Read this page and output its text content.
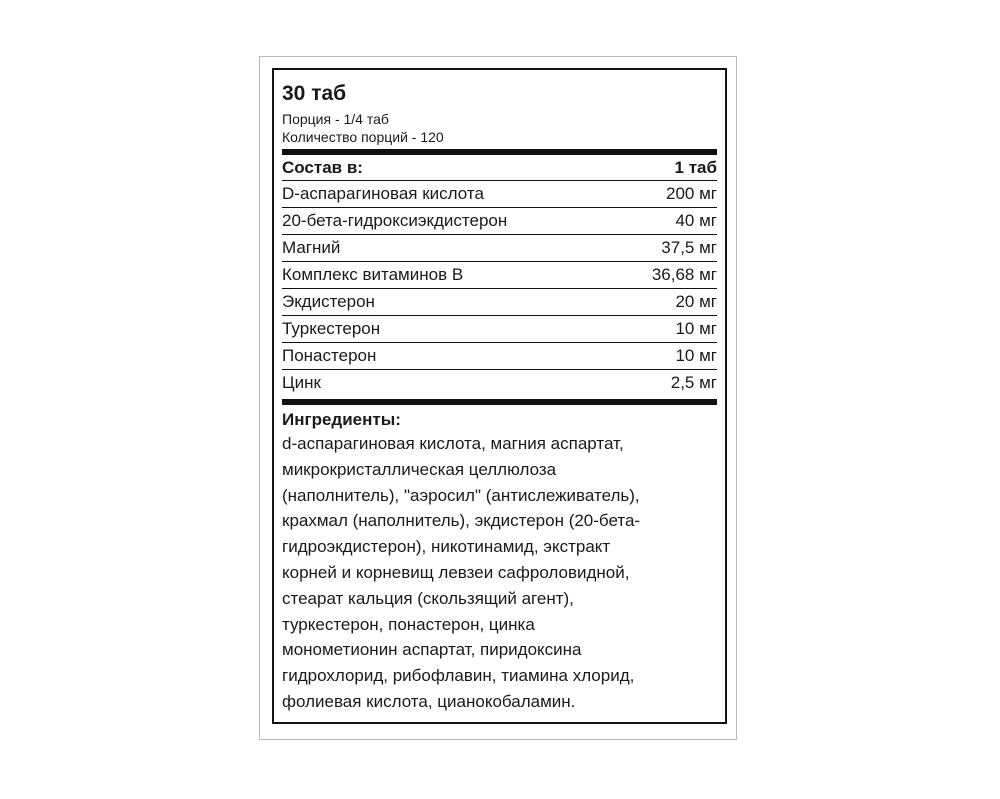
30 таб
Порция - 1/4 таб
Количество порций - 120
Состав в:	1 таб
D-аспарагиновая кислота	200 мг
20-бета-гидроксиэкдистерон	40 мг
Магний	37,5 мг
Комплекс витаминов B	36,68 мг
Экдистерон	20 мг
Туркестерон	10 мг
Понастерон	10 мг
Цинк	2,5 мг
Ингредиенты:
d-аспарагиновая кислота, магния аспартат,
микрокристаллическая целлюлоза
(наполнитель), "аэросил" (антислеживатель),
крахмал (наполнитель), экдистерон (20-бета-
гидроэкдистерон), никотинамид, экстракт
корней и корневищ левзеи сафроловидной,
стеарат кальция (скользящий агент),
туркестерон, понастерон, цинка
монометионин аспартат, пиридоксина
гидрохлорид, рибофлавин, тиамина хлорид,
фолиевая кислота, цианокобаламин.
